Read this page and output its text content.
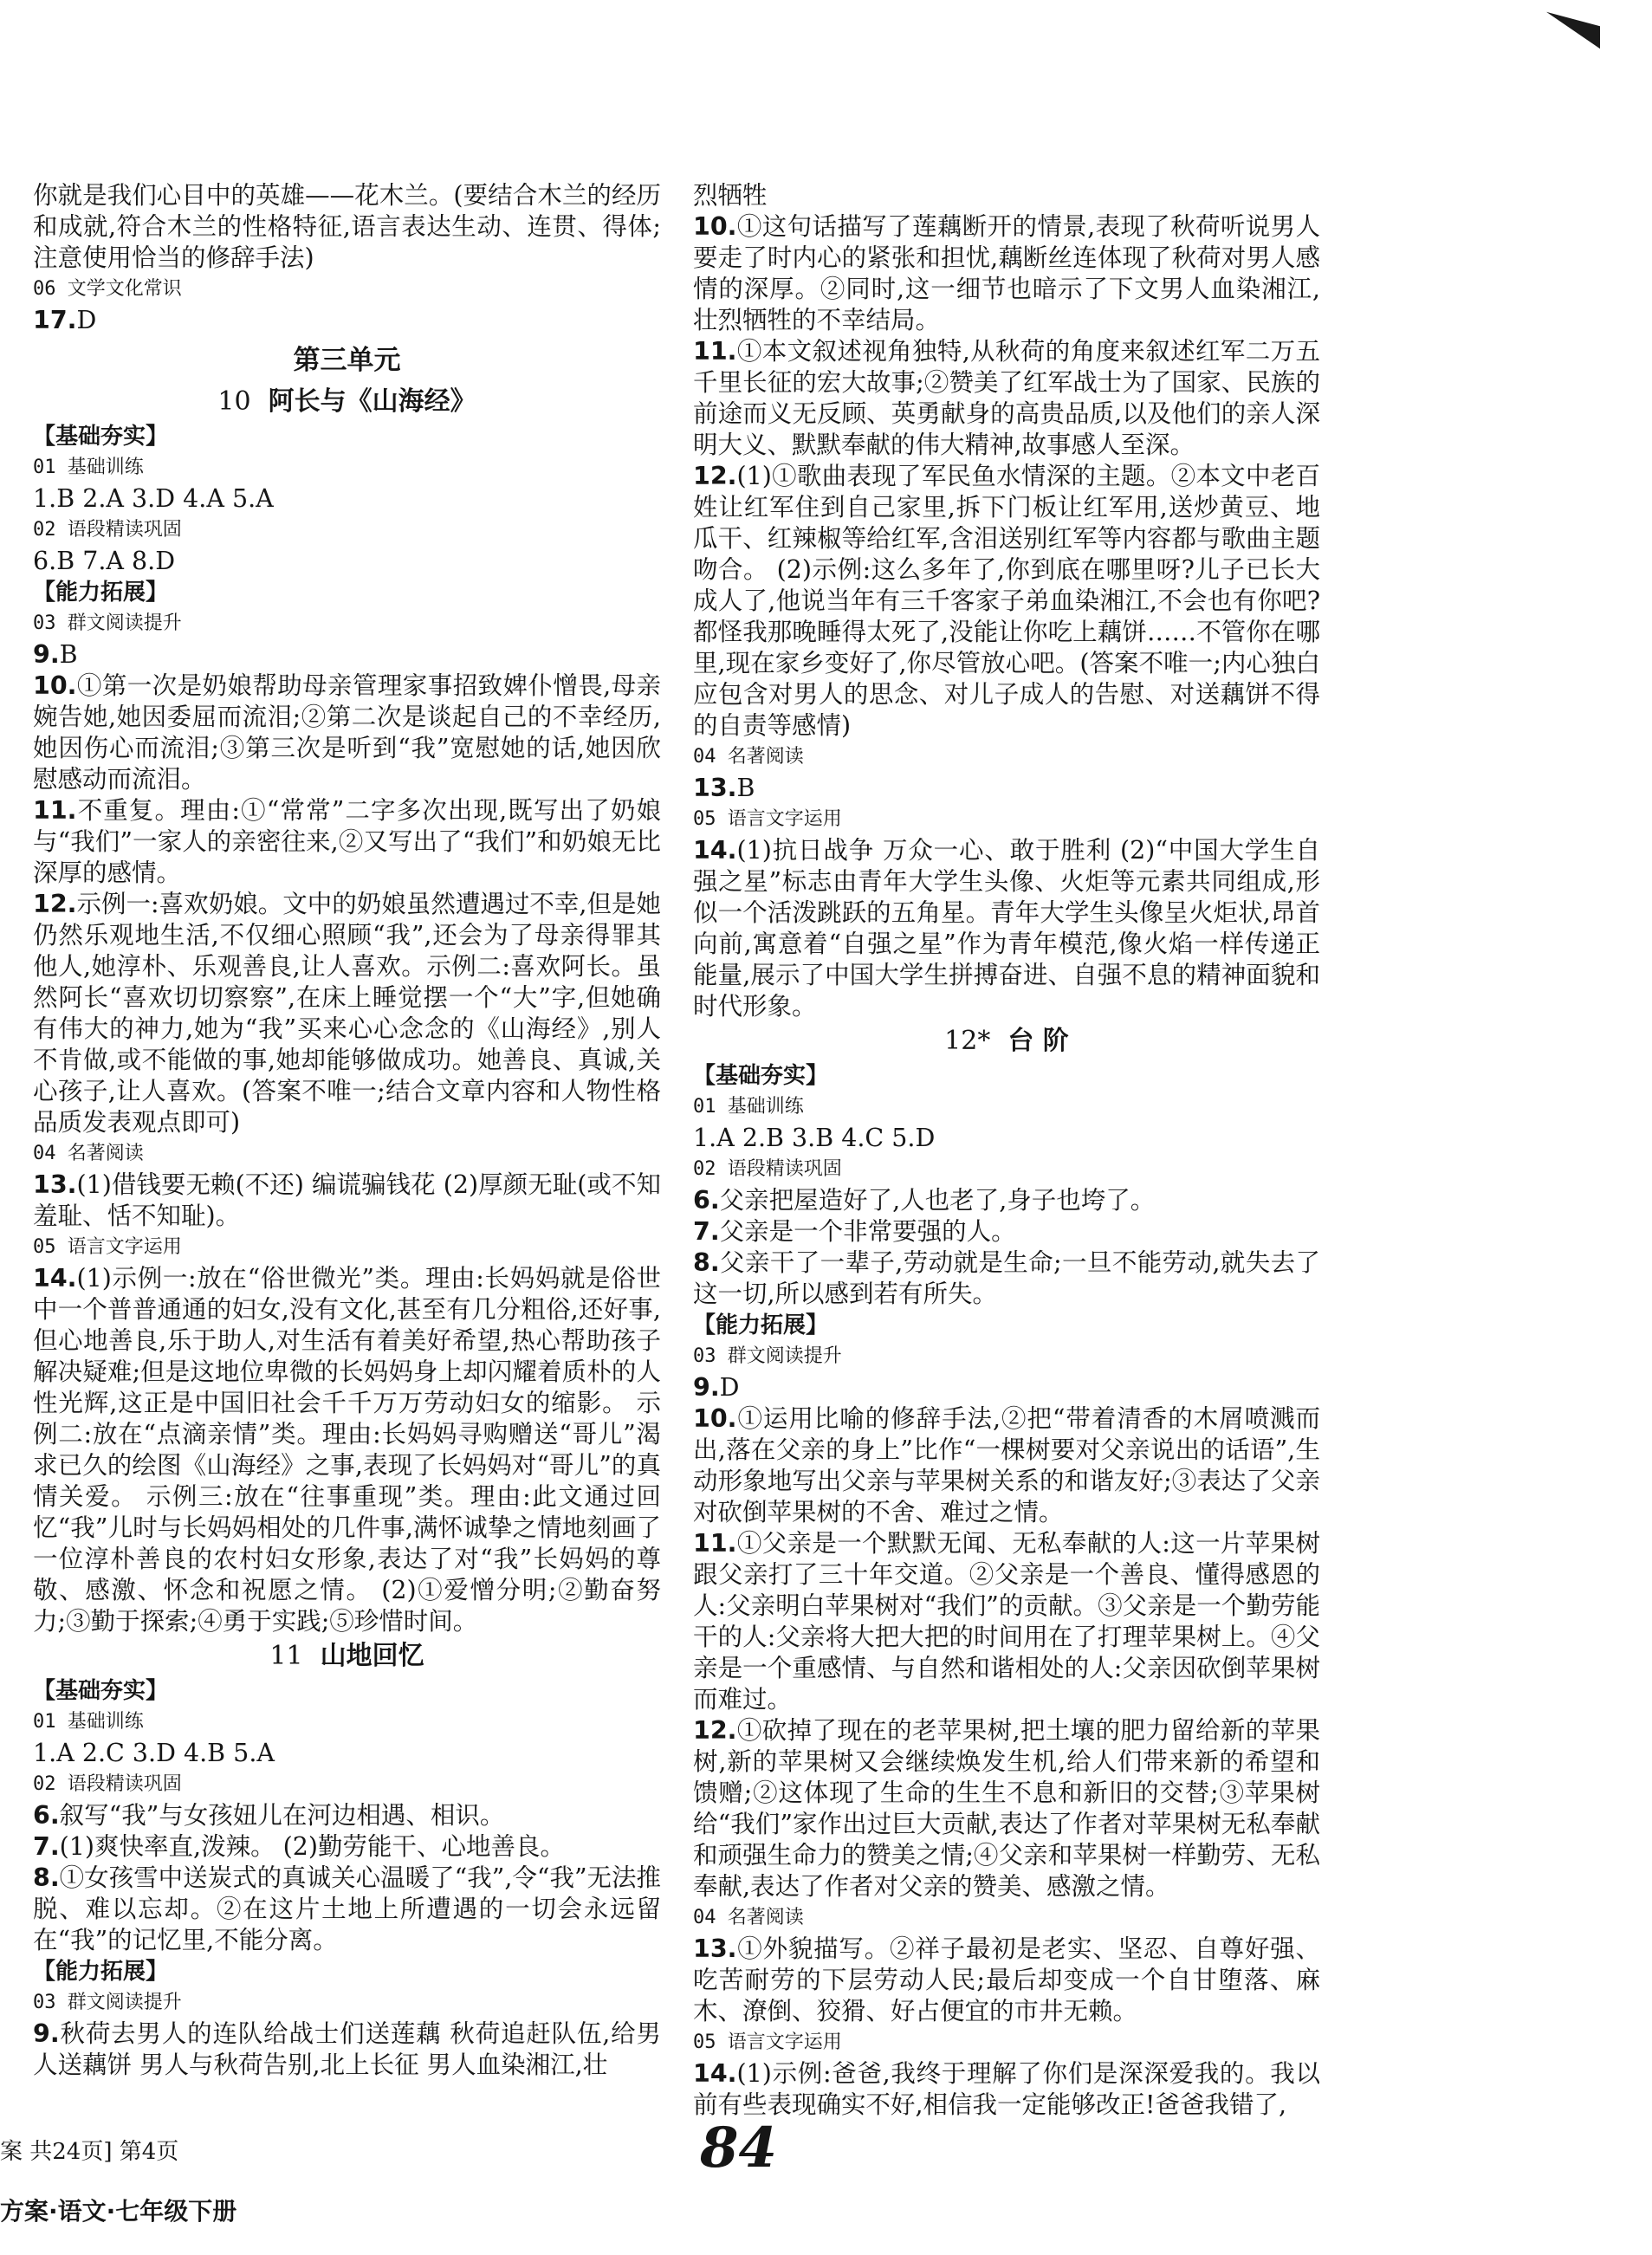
你就是我们心目中的英雄——花木兰。(要结合木兰的经历和成就,符合木兰的性格特征,语言表达生动、连贯、得体;注意使用恰当的修辞手法)

06 文学文化常识

17.D

第三单元
10 阿长与《山海经》
【基础夯实】
01 基础训练

1.B 2.A 3.D 4.A 5.A

02 语段精读巩固

6.B 7.A 8.D

【能力拓展】
03 群文阅读提升

9.B

10.①第一次是奶娘帮助母亲管理家事招致婢仆憎畏,母亲婉告她,她因委屈而流泪;②第二次是谈起自己的不幸经历,她因伤心而流泪;③第三次是听到“我”宽慰她的话,她因欣慰感动而流泪。

11.不重复。理由:①“常常”二字多次出现,既写出了奶娘与“我们”一家人的亲密往来,②又写出了“我们”和奶娘无比深厚的感情。

12.示例一:喜欢奶娘。文中的奶娘虽然遭遇过不幸,但是她仍然乐观地生活,不仅细心照顾“我”,还会为了母亲得罪其他人,她淳朴、乐观善良,让人喜欢。示例二:喜欢阿长。虽然阿长“喜欢切切察察”,在床上睡觉摆一个“大”字,但她确有伟大的神力,她为“我”买来心心念念的《山海经》,别人不肯做,或不能做的事,她却能够做成功。她善良、真诚,关心孩子,让人喜欢。(答案不唯一;结合文章内容和人物性格品质发表观点即可)

04 名著阅读

13.(1)借钱要无赖(不还) 编谎骗钱花 (2)厚颜无耻(或不知羞耻、恬不知耻)。

05 语言文字运用

14.(1)示例一:放在“俗世微光”类。理由:长妈妈就是俗世中一个普普通通的妇女,没有文化,甚至有几分粗俗,还好事,但心地善良,乐于助人,对生活有着美好希望,热心帮助孩子解决疑难;但是这地位卑微的长妈妈身上却闪耀着质朴的人性光辉,这正是中国旧社会千千万万劳动妇女的缩影。 示例二:放在“点滴亲情”类。理由:长妈妈寻购赠送“哥儿”渴求已久的绘图《山海经》之事,表现了长妈妈对“哥儿”的真情关爱。 示例三:放在“往事重现”类。理由:此文通过回忆“我”儿时与长妈妈相处的几件事,满怀诚挚之情地刻画了一位淳朴善良的农村妇女形象,表达了对“我”长妈妈的尊敬、感激、怀念和祝愿之情。 (2)①爱憎分明;②勤奋努力;③勤于探索;④勇于实践;⑤珍惜时间。

11 山地回忆
【基础夯实】
01 基础训练

1.A 2.C 3.D 4.B 5.A

02 语段精读巩固

6.叙写“我”与女孩妞儿在河边相遇、相识。

7.(1)爽快率直,泼辣。 (2)勤劳能干、心地善良。

8.①女孩雪中送炭式的真诚关心温暖了“我”,令“我”无法推脱、难以忘却。②在这片土地上所遭遇的一切会永远留在“我”的记忆里,不能分离。

【能力拓展】
03 群文阅读提升

9.秋荷去男人的连队给战士们送莲藕 秋荷追赶队伍,给男人送藕饼 男人与秋荷告别,北上长征 男人血染湘江,壮

烈牺牲

10.①这句话描写了莲藕断开的情景,表现了秋荷听说男人要走了时内心的紧张和担忧,藕断丝连体现了秋荷对男人感情的深厚。②同时,这一细节也暗示了下文男人血染湘江,壮烈牺牲的不幸结局。

11.①本文叙述视角独特,从秋荷的角度来叙述红军二万五千里长征的宏大故事;②赞美了红军战士为了国家、民族的前途而义无反顾、英勇献身的高贵品质,以及他们的亲人深明大义、默默奉献的伟大精神,故事感人至深。

12.(1)①歌曲表现了军民鱼水情深的主题。②本文中老百姓让红军住到自己家里,拆下门板让红军用,送炒黄豆、地瓜干、红辣椒等给红军,含泪送别红军等内容都与歌曲主题吻合。 (2)示例:这么多年了,你到底在哪里呀?儿子已长大成人了,他说当年有三千客家子弟血染湘江,不会也有你吧?都怪我那晚睡得太死了,没能让你吃上藕饼……不管你在哪里,现在家乡变好了,你尽管放心吧。(答案不唯一;内心独白应包含对男人的思念、对儿子成人的告慰、对送藕饼不得的自责等感情)

04 名著阅读

13.B

05 语言文字运用

14.(1)抗日战争 万众一心、敢于胜利 (2)“中国大学生自强之星”标志由青年大学生头像、火炬等元素共同组成,形似一个活泼跳跃的五角星。青年大学生头像呈火炬状,昂首向前,寓意着“自强之星”作为青年模范,像火焰一样传递正能量,展示了中国大学生拼搏奋进、自强不息的精神面貌和时代形象。

12* 台 阶
【基础夯实】
01 基础训练

1.A 2.B 3.B 4.C 5.D

02 语段精读巩固

6.父亲把屋造好了,人也老了,身子也垮了。

7.父亲是一个非常要强的人。

8.父亲干了一辈子,劳动就是生命;一旦不能劳动,就失去了这一切,所以感到若有所失。

【能力拓展】
03 群文阅读提升

9.D

10.①运用比喻的修辞手法,②把“带着清香的木屑喷溅而出,落在父亲的身上”比作“一棵树要对父亲说出的话语”,生动形象地写出父亲与苹果树关系的和谐友好;③表达了父亲对砍倒苹果树的不舍、难过之情。

11.①父亲是一个默默无闻、无私奉献的人:这一片苹果树跟父亲打了三十年交道。②父亲是一个善良、懂得感恩的人:父亲明白苹果树对“我们”的贡献。③父亲是一个勤劳能干的人:父亲将大把大把的时间用在了打理苹果树上。④父亲是一个重感情、与自然和谐相处的人:父亲因砍倒苹果树而难过。

12.①砍掉了现在的老苹果树,把土壤的肥力留给新的苹果树,新的苹果树又会继续焕发生机,给人们带来新的希望和馈赠;②这体现了生命的生生不息和新旧的交替;③苹果树给“我们”家作出过巨大贡献,表达了作者对苹果树无私奉献和顽强生命力的赞美之情;④父亲和苹果树一样勤劳、无私奉献,表达了作者对父亲的赞美、感激之情。

04 名著阅读

13.①外貌描写。②祥子最初是老实、坚忍、自尊好强、吃苦耐劳的下层劳动人民;最后却变成一个自甘堕落、麻木、潦倒、狡猾、好占便宜的市井无赖。

05 语言文字运用

14.(1)示例:爸爸,我终于理解了你们是深深爱我的。我以前有些表现确实不好,相信我一定能够改正!爸爸我错了,

案 共24页] 第4页
方案·语文·七年级下册
84
